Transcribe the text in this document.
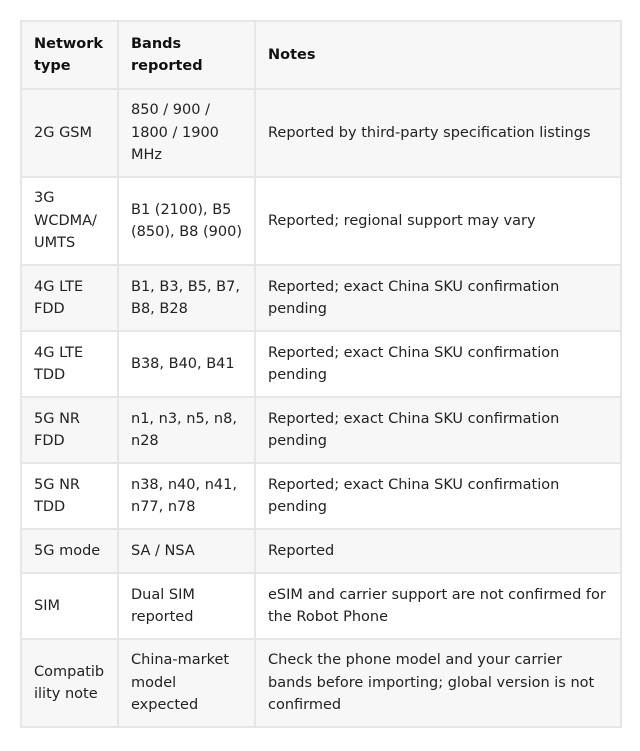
Network type	Bands reported	Notes
2G GSM	850 / 900 / 1800 / 1900 MHz	Reported by third-party specification listings
3G WCDMA/ UMTS	B1 (2100), B5 (850), B8 (900)	Reported; regional support may vary
4G LTE FDD	B1, B3, B5, B7, B8, B28	Reported; exact China SKU confirmation pending
4G LTE TDD	B38, B40, B41	Reported; exact China SKU confirmation pending
5G NR FDD	n1, n3, n5, n8, n28	Reported; exact China SKU confirmation pending
5G NR TDD	n38, n40, n41, n77, n78	Reported; exact China SKU confirmation pending
5G mode	SA / NSA	Reported
SIM	Dual SIM reported	eSIM and carrier support are not confirmed for the Robot Phone
Compatibility note	China-market model expected	Check the phone model and your carrier bands before importing; global version is not confirmed
